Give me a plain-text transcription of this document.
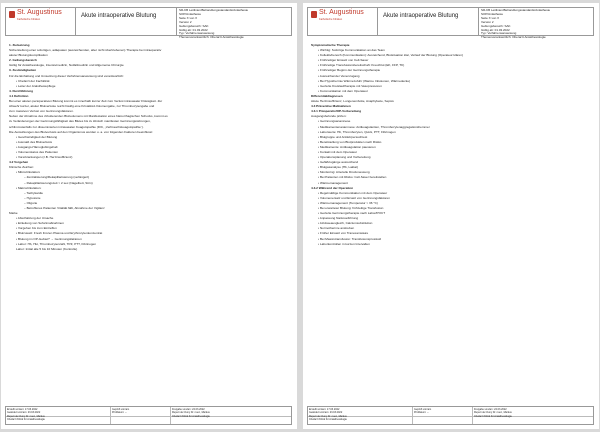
St. Augustinus
Katholische Kliniken
Akute intraoperative Blutung
SR-KB Leitlinien/Behandlungsstandards/Anästhesie
SOP/Anästhesie
Seite X von X
Version 2
Geltungsbereich: SAK
Gültig ab: 01.03.2022
Typ: Verfahrensanweisung
Themenverantwortlich: Oberarzt Anästhesiologie
1. Zielsetzung
Sicherstellung einer sofortigen, adäquaten (ausreichenden, aber nicht übertriebenen) Therapie bei intraoperativ
akuter Blutungskomplikation
2. Geltungsbereich
Gültig für Anästhesiologie, Intensivmedizin, Notfallmedizin und Allgemeine Chirurgie
3. Zuständigkeiten
Für die Einhaltung und Umsetzung dieser Verfahrensanweisung sind verantwortlich:
• Chefarzt der Fachklinik
• Leiter der Anästhesiepflege
4. Durchführung
4.1 Definition
Bei einer akuten perioperativen Blutung kommt es innerhalb kurzer Zeit zum Verlust intravasaler Flüssigkeit. Zur
Abwehr kurzer, akuter Blutverluste reicht häufig eine Kristalloid-Volumengabe, zur Thrombozytengabe und
zum massiven Verlust von Gerinnungsfaktoren.
Neben der Abnahme des zirkulierenden Blutvolumens mit Manifestation eines hämorrhagischen Schocks, kommt es
zu Veränderungen der Gerinnungsfähigkeit des Blutes bis zu klinisch manifesten Gerinnungsstörungen,
schlimmstenfalls zur disseminierten intravasalen Koagulopathie (DIC, „Verbrauchskoagulopathie“).
Die Auswirkungen des Blutverlusts auf den Organismus werden u. a. von folgenden Faktoren beeinflusst:
• Geschwindigkeit der Blutung
• Ausmaß des Blutverlusts
• Ausgangs-Hämoglobingehalt
• Volumenstatus des Patienten
• Vorerkrankungen (z.B. Herzinsuffizienz)
4.2 Vorgehen
Klinische Zeichen:
• Mikrozirkulation:
– Zentralisierung/Rekapillarisierung (verlängert)
– Rekapillarisierungszeit > 2 sec (Nagelbett, Stirn)
• Makrozirkulation:
– Tachykardie
– Hypotonie
– Oligurie
– Betroffenes Patienten Vitalität fällt, Abnahme der Vigilanz
Marke
• Abschätzung der Ursache
• Einleitung von Sofortmaßnahmen
• Vorgehen bis zum Eintreffen
• Blutzusatz: Fresh Frozen Plasma und Erythrozytenkonzentrat
• Blutung im OP-Gebiet? → Gerinnungsfaktoren
• Labor: Hb, Hkt, Thrombozytenzahl, TPZ, PTT, Fibrinogen
Labor: Initial alle 5 bis 10 Minuten (Kontrolle)
Erstellt von/am: 17.03.2022
Geändert von/am: 23.03.2022
Rupert de Cluny Dr. med., Markus
Chefarzt Klinik für Anästhesiologie
Geprüft von/am
Prüfdatum: --
Freigabe von/am: 24.03.2022
Rupert de Cluny Dr. med., Markus
Chefarzt Klinik für Anästhesiologie
St. Augustinus
Katholische Kliniken
Akute intraoperative Blutung
SR-KB Leitlinien/Behandlungsstandards/Anästhesie
SOP/Anästhesie
Seite X von X
Version 2
Geltungsbereich: SAK
Gültig ab: 01.03.2022
Typ: Verfahrensanweisung
Themenverantwortlich: Oberarzt Anästhesiologie
Symptomatische Therapie
• Wichtig: Sofortige Kommunikation an das Team
• Kollektivbereich (Kommunikation): Ausreichend, Blutsituation klar, Verlauf der Blutung (Operateur klären)
• Frühzeitiger Einsatz von Cell-Saver
• Frühzeitige Transfusionsbereitschaft: Kreuzblut (EK, FFP, TK)
• Frühzeitiger Beginn der Gerinnungstherapie
• Ausreichender Venenzugang
• Bei Hypothermie Wärmezufuhr (Warme Infusionen, Wärmedecke)
• Gezielte Kreislauftherapie mit Vasopressoren
• Kommunikation mit dem Operateur
Differentialdiagnosen
Akute Herzinsuffizienz, Lungenembolie, Anaphylaxie, Sepsis
4.3 Präventive Maßnahmen
4.3.1 Präoperativ/OP-Vorbereitung
Ausgangsbefunde prüfen:
• Gerinnungsanamnese
• Medikamentenanamnese: Antikoagulantien, Thrombozytenaggregationshemmer
• Laborwerte: Hb, Thrombozyten, Quick, PTT, Fibrinogen
• Blutgruppe und Antikörpersuchtest
• Bereitstellung von Blutprodukten nach Risiko
• Medikamente: Antikoagulation pausieren
• Kontakt mit dem Operateur
• Operationsplanung und Vorbereitung
• Gefäßzugänge ausreichend
• Blutgasanalyse (Hb, Laktat)
• Monitoring: Arterielle Druckmessung
• Bei Patienten mit Risiko: Cell-Saver bereitstellen
• Wärmemanagement
4.3.2 Während der Operation
• Regelmäßige Kommunikation mit dem Operateur
• Volumenersatz und Ersatz von Gerinnungsfaktoren
• Wärmemanagement (Temperatur > 36 °C)
• Bei erwarteter Blutung: frühzeitige Transfusion
• Gezielte Gerinnungstherapie nach Labor/POCT
• Anpassung Narkoseführung
• Azidoseausgleich, Calciumsubstitution
• Normothermie anstreben
• Früher Einsatz von Tranexamsäure
• Bei Massivtransfusion: Transfusionsprotokoll
• Laborkontrollen in kurzen Intervallen
Erstellt von/am: 17.03.2022
Geändert von/am: 23.03.2022
Rupert de Cluny Dr. med., Markus
Chefarzt Klinik für Anästhesiologie
Geprüft von/am
Prüfdatum: --
Freigabe von/am: 24.03.2022
Rupert de Cluny Dr. med., Markus
Chefarzt Klinik für Anästhesiologie
